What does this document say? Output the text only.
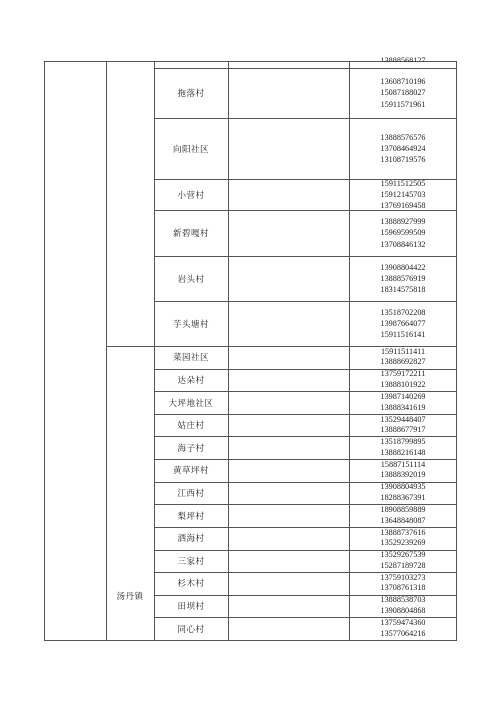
13888568127
汤丹镇
拖落村
13608710196
15087188027
15911571961
向阳社区
13888576576
13708464924
13108719576
小营村
15911512505
15912145703
13769169458
新碧嘎村
13888927999
15969599509
13708846132
岩头村
13908804422
13888576919
18314575818
芋头塘村
13518702208
13987664077
15911516141
菜园社区
15911511411
13888692827
达朵村
13759172211
13888101922
大坪地社区
13987140269
13888341619
姑庄村
13529448407
13888677917
海子村
13518799895
13888216148
黄草坪村
15887151114
13888392019
江西村
13908804935
18288367391
梨坪村
18908859889
13648848087
洒海村
13888737616
13529239269
三家村
13529267539
15287189728
杉木村
13759103273
13708761318
田坝村
13888538703
13908804868
同心村
13759474360
13577064216
